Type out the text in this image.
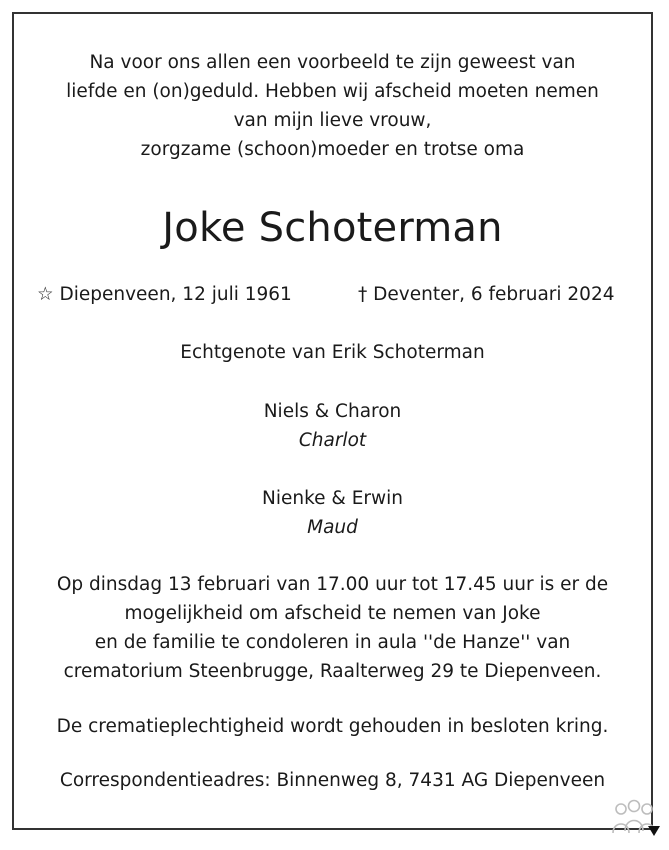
Na voor ons allen een voorbeeld te zijn geweest van
liefde en (on)geduld. Hebben wij afscheid moeten nemen
van mijn lieve vrouw,
zorgzame (schoon)moeder en trotse oma
Joke Schoterman
☆ Diepenveen, 12 juli 1961	† Deventer, 6 februari 2024
Echtgenote van Erik Schoterman
Niels & Charon
Charlot
Nienke & Erwin
Maud
Op dinsdag 13 februari van 17.00 uur tot 17.45 uur is er de
mogelijkheid om afscheid te nemen van Joke
en de familie te condoleren in aula ''de Hanze'' van
crematorium Steenbrugge, Raalterweg 29 te Diepenveen.
De crematieplechtigheid wordt gehouden in besloten kring.
Correspondentieadres: Binnenweg 8, 7431 AG Diepenveen
